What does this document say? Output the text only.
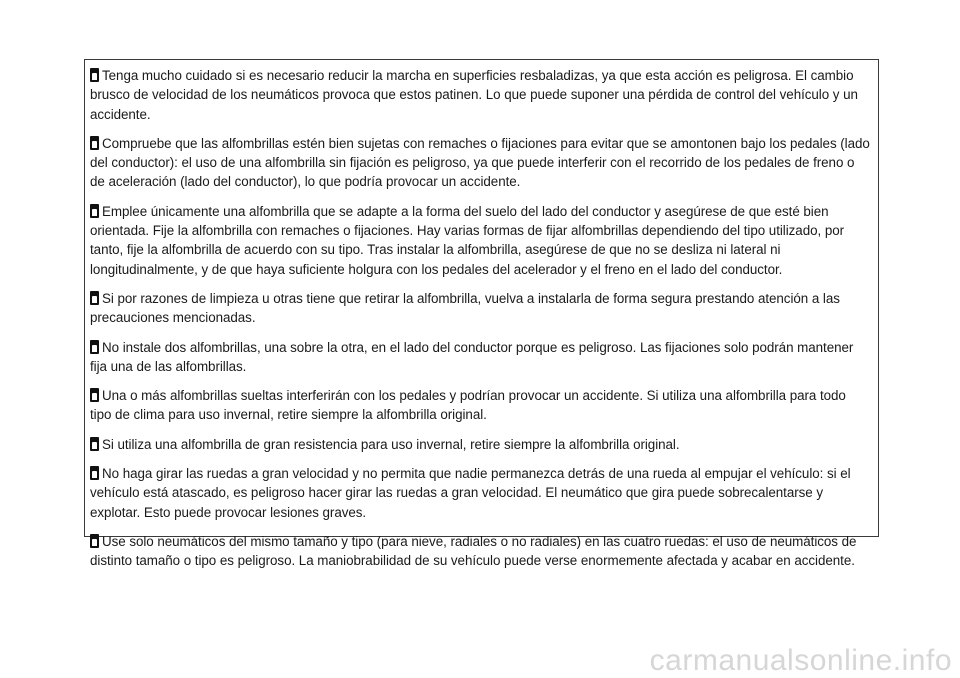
Tenga mucho cuidado si es necesario reducir la marcha en superficies resbaladizas, ya que esta acción es peligrosa. El cambio brusco de velocidad de los neumáticos provoca que estos patinen. Lo que puede suponer una pérdida de control del vehículo y un accidente.

Compruebe que las alfombrillas estén bien sujetas con remaches o fijaciones para evitar que se amontonen bajo los pedales (lado del conductor): el uso de una alfombrilla sin fijación es peligroso, ya que puede interferir con el recorrido de los pedales de freno o de aceleración (lado del conductor), lo que podría provocar un accidente.

Emplee únicamente una alfombrilla que se adapte a la forma del suelo del lado del conductor y asegúrese de que esté bien orientada. Fije la alfombrilla con remaches o fijaciones. Hay varias formas de fijar alfombrillas dependiendo del tipo utilizado, por tanto, fije la alfombrilla de acuerdo con su tipo. Tras instalar la alfombrilla, asegúrese de que no se desliza ni lateral ni longitudinalmente, y de que haya suficiente holgura con los pedales del acelerador y el freno en el lado del conductor.

Si por razones de limpieza u otras tiene que retirar la alfombrilla, vuelva a instalarla de forma segura prestando atención a las precauciones mencionadas.

No instale dos alfombrillas, una sobre la otra, en el lado del conductor porque es peligroso. Las fijaciones solo podrán mantener fija una de las alfombrillas.

Una o más alfombrillas sueltas interferirán con los pedales y podrían provocar un accidente. Si utiliza una alfombrilla para todo tipo de clima para uso invernal, retire siempre la alfombrilla original.

Si utiliza una alfombrilla de gran resistencia para uso invernal, retire siempre la alfombrilla original.

No haga girar las ruedas a gran velocidad y no permita que nadie permanezca detrás de una rueda al empujar el vehículo: si el vehículo está atascado, es peligroso hacer girar las ruedas a gran velocidad. El neumático que gira puede sobrecalentarse y explotar. Esto puede provocar lesiones graves.

Use solo neumáticos del mismo tamaño y tipo (para nieve, radiales o no radiales) en las cuatro ruedas: el uso de neumáticos de distinto tamaño o tipo es peligroso. La maniobrabilidad de su vehículo puede verse enormemente afectada y acabar en accidente.

carmanualsonline.info
